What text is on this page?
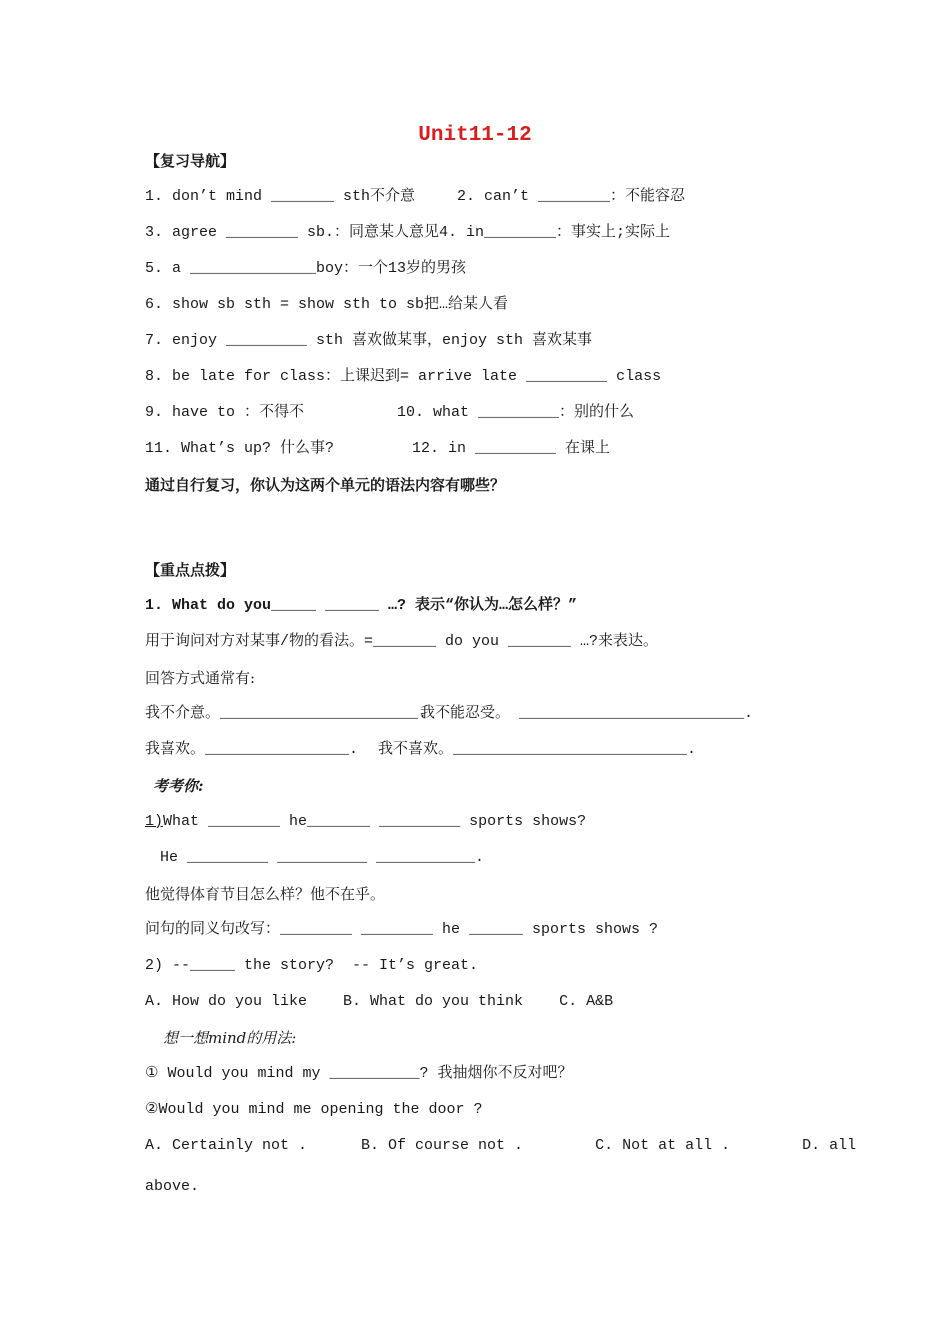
Unit11-12
【复习导航】
1. don’t mind _______ sth不介意	2. can’t ________：不能容忍
3. agree ________ sb.：同意某人意见4. in________：事实上;实际上
5. a ______________boy：一个13岁的男孩
6. show sb sth = show sth to sb把…给某人看
7. enjoy _________ sth 喜欢做某事，enjoy sth 喜欢某事
8. be late for class：上课迟到= arrive late _________ class
9. have to ：不得不	10. what _________：别的什么
11. What’s up? 什么事?	12. in _________ 在课上
通过自行复习，你认为这两个单元的语法内容有哪些？
【重点点拨】
1. What do you_____ ______ …? 表示“你认为…怎么样？”
用于询问对方对某事/物的看法。=_______ do you _______ …?来表达。
回答方式通常有:
我不介意。______________________.
我不能忍受。 _________________________.
我喜欢。________________. 我不喜欢。__________________________.
考考你:
1)What ________ he_______ _________ sports shows?
He _________ __________ ___________.
他觉得体育节目怎么样？他不在乎。
问句的同义句改写：________ ________ he ______ sports shows ?
2) --_____ the story?  -- It’s great.
A. How do you like    B. What do you think    C. A&B
想一想mind的用法:
① Would you mind my __________? 我抽烟你不反对吧？
②Would you mind me opening the door ?
A. Certainly not .      B. Of course not .        C. Not at all .        D. all
above.
